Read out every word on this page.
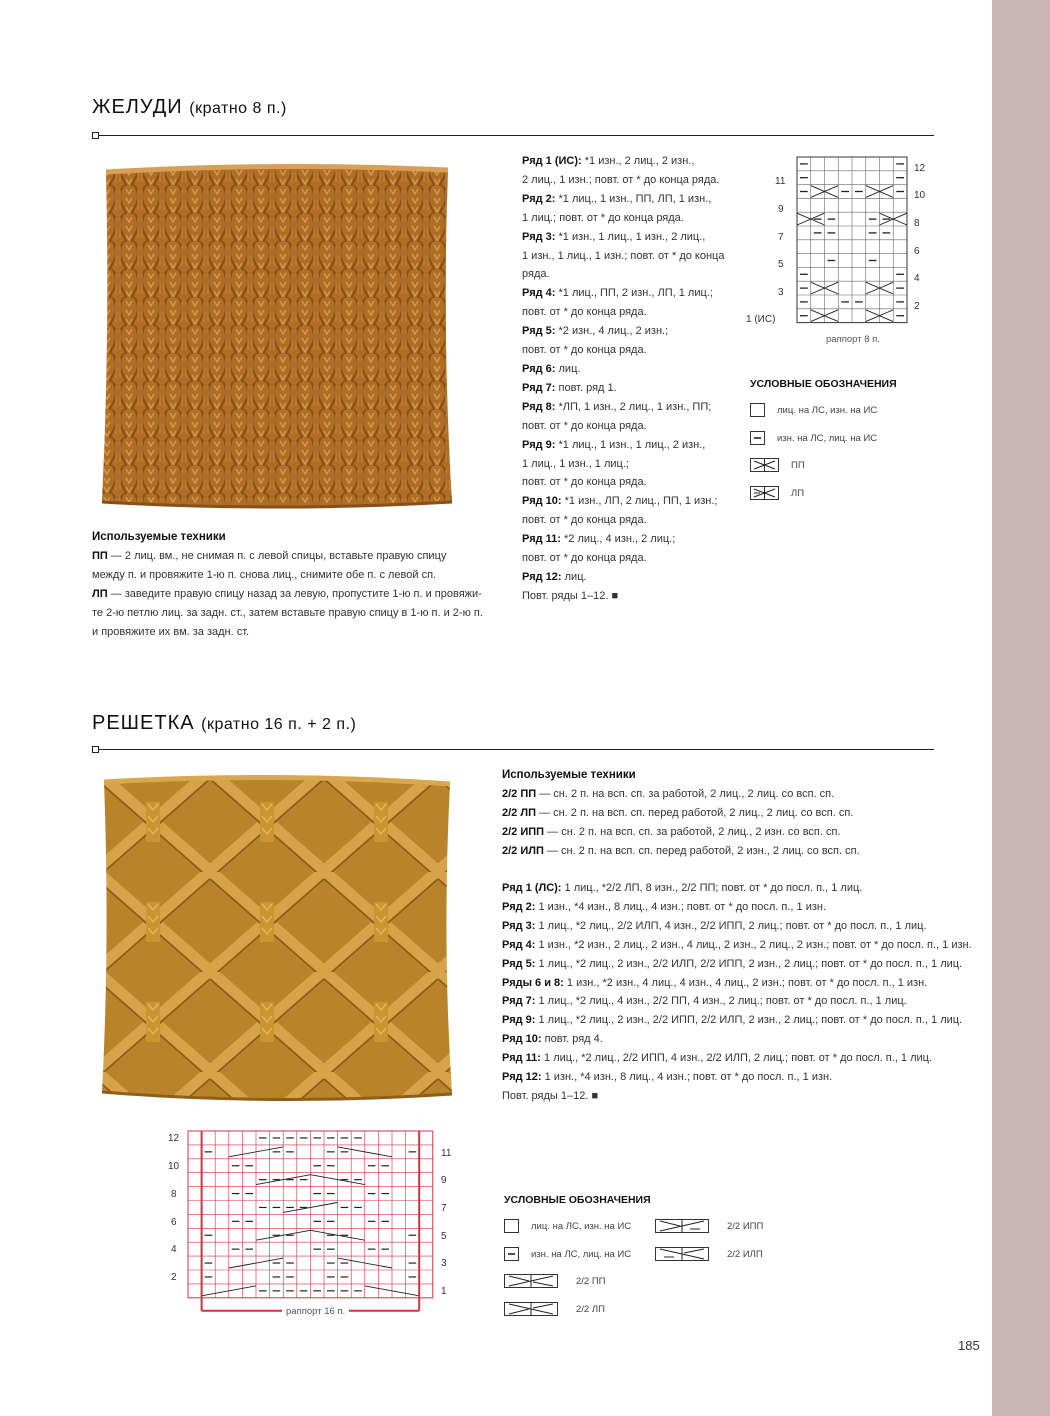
ЖЕЛУДИ (кратно 8 п.)
Используемые техники
ПП — 2 лиц. вм., не снимая п. с левой спицы, вставьте правую спицу
между п. и провяжите 1-ю п. снова лиц., снимите обе п. с левой сп.
ЛП — заведите правую спицу назад за левую, пропустите 1-ю п. и провяжи-
те 2-ю петлю лиц. за задн. ст., затем вставьте правую спицу в 1-ю п. и 2-ю п.
и провяжите их вм. за задн. ст.
Ряд 1 (ИС): *1 изн., 2 лиц., 2 изн.,
2 лиц., 1 изн.; повт. от * до конца ряда.
Ряд 2: *1 лиц., 1 изн., ПП, ЛП, 1 изн.,
1 лиц.; повт. от * до конца ряда.
Ряд 3: *1 изн., 1 лиц., 1 изн., 2 лиц.,
1 изн., 1 лиц., 1 изн.; повт. от * до конца
ряда.
Ряд 4: *1 лиц., ПП, 2 изн., ЛП, 1 лиц.;
повт. от * до конца ряда.
Ряд 5: *2 изн., 4 лиц., 2 изн.;
повт. от * до конца ряда.
Ряд 6: лиц.
Ряд 7: повт. ряд 1.
Ряд 8: *ЛП, 1 изн., 2 лиц., 1 изн., ПП;
повт. от * до конца ряда.
Ряд 9: *1 лиц., 1 изн., 1 лиц., 2 изн.,
1 лиц., 1 изн., 1 лиц.;
повт. от * до конца ряда.
Ряд 10: *1 изн., ЛП, 2 лиц., ПП, 1 изн.;
повт. от * до конца ряда.
Ряд 11: *2 лиц., 4 изн., 2 лиц.;
повт. от * до конца ряда.
Ряд 12: лиц.
Повт. ряды 1–12. ■
11
9
7
5
3
1 (ИС)
12
10
8
6
4
2
раппорт 8 п.
УСЛОВНЫЕ ОБОЗНАЧЕНИЯ
лиц. на ЛС, изн. на ИС
изн. на ЛС, лиц. на ИС
ПП
ЛП
РЕШЕТКА (кратно 16 п. + 2 п.)
Используемые техники
2/2 ПП — сн. 2 п. на всп. сп. за работой, 2 лиц., 2 лиц. со всп. сп.
2/2 ЛП — сн. 2 п. на всп. сп. перед работой, 2 лиц., 2 лиц. со всп. сп.
2/2 ИПП — сн. 2 п. на всп. сп. за работой, 2 лиц., 2 изн. со всп. сп.
2/2 ИЛП — сн. 2 п. на всп. сп. перед работой, 2 изн., 2 лиц. со всп. сп.
Ряд 1 (ЛС): 1 лиц., *2/2 ЛП, 8 изн., 2/2 ПП; повт. от * до посл. п., 1 лиц.
Ряд 2: 1 изн., *4 изн., 8 лиц., 4 изн.; повт. от * до посл. п., 1 изн.
Ряд 3: 1 лиц., *2 лиц., 2/2 ИЛП, 4 изн., 2/2 ИПП, 2 лиц.; повт. от * до посл. п., 1 лиц.
Ряд 4: 1 изн., *2 изн., 2 лиц., 2 изн., 4 лиц., 2 изн., 2 лиц., 2 изн.; повт. от * до посл. п., 1 изн.
Ряд 5: 1 лиц., *2 лиц., 2 изн., 2/2 ИЛП, 2/2 ИПП, 2 изн., 2 лиц.; повт. от * до посл. п., 1 лиц.
Ряды 6 и 8: 1 изн., *2 изн., 4 лиц., 4 изн., 4 лиц., 2 изн.; повт. от * до посл. п., 1 изн.
Ряд 7: 1 лиц., *2 лиц., 4 изн., 2/2 ПП, 4 изн., 2 лиц.; повт. от * до посл. п., 1 лиц.
Ряд 9: 1 лиц., *2 лиц., 2 изн., 2/2 ИПП, 2/2 ИЛП, 2 изн., 2 лиц.; повт. от * до посл. п., 1 лиц.
Ряд 10: повт. ряд 4.
Ряд 11: 1 лиц., *2 лиц., 2/2 ИПП, 4 изн., 2/2 ИЛП, 2 лиц.; повт. от * до посл. п., 1 лиц.
Ряд 12: 1 изн., *4 изн., 8 лиц., 4 изн.; повт. от * до посл. п., 1 изн.
Повт. ряды 1–12. ■
12
10
8
6
4
2
11
9
7
5
3
1
раппорт 16 п.
УСЛОВНЫЕ ОБОЗНАЧЕНИЯ
лиц. на ЛС, изн. на ИС
изн. на ЛС, лиц. на ИС
2/2 ПП
2/2 ЛП
2/2 ИПП
2/2 ИЛП
185
